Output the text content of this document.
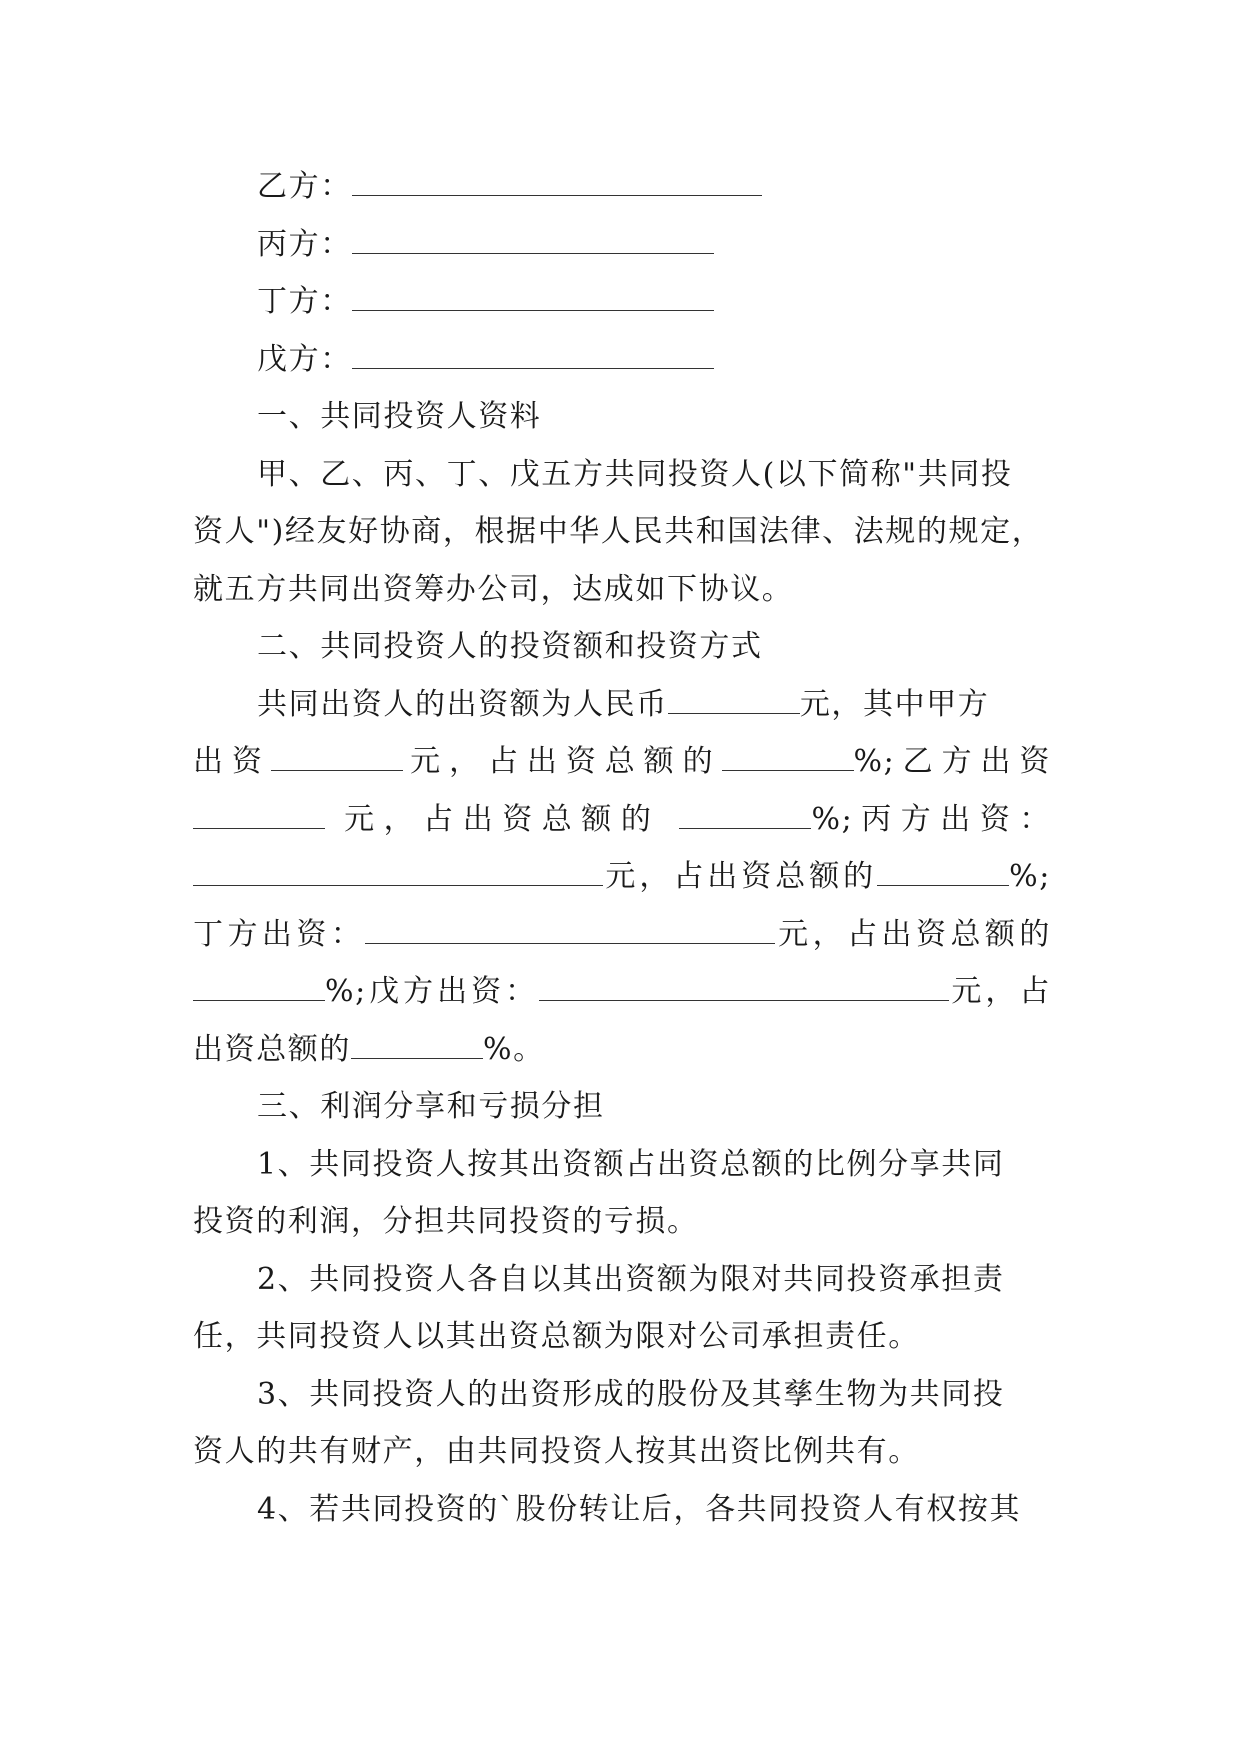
乙方：
丙方：
丁方：
戊方：
一、共同投资人资料
甲、乙、丙、丁、戊五方共同投资人(以下简称"共同投
资人")经友好协商，根据中华人民共和国法律、法规的规定，
就五方共同出资筹办公司，达成如下协议。
二、共同投资人的投资额和投资方式
共同出资人的出资额为人民币	元，其中甲方
出资	元，占出资总额的	%;乙方出资
元，占出资总额的	%;丙方出资：
元，占出资总额的	%;
丁方出资：	元，占出资总额的
%;戊方出资：	元，占
出资总额的	%。
三、利润分享和亏损分担
1、共同投资人按其出资额占出资总额的比例分享共同
投资的利润，分担共同投资的亏损。
2、共同投资人各自以其出资额为限对共同投资承担责
任，共同投资人以其出资总额为限对公司承担责任。
3、共同投资人的出资形成的股份及其孳生物为共同投
资人的共有财产，由共同投资人按其出资比例共有。
4、若共同投资的`股份转让后，各共同投资人有权按其
